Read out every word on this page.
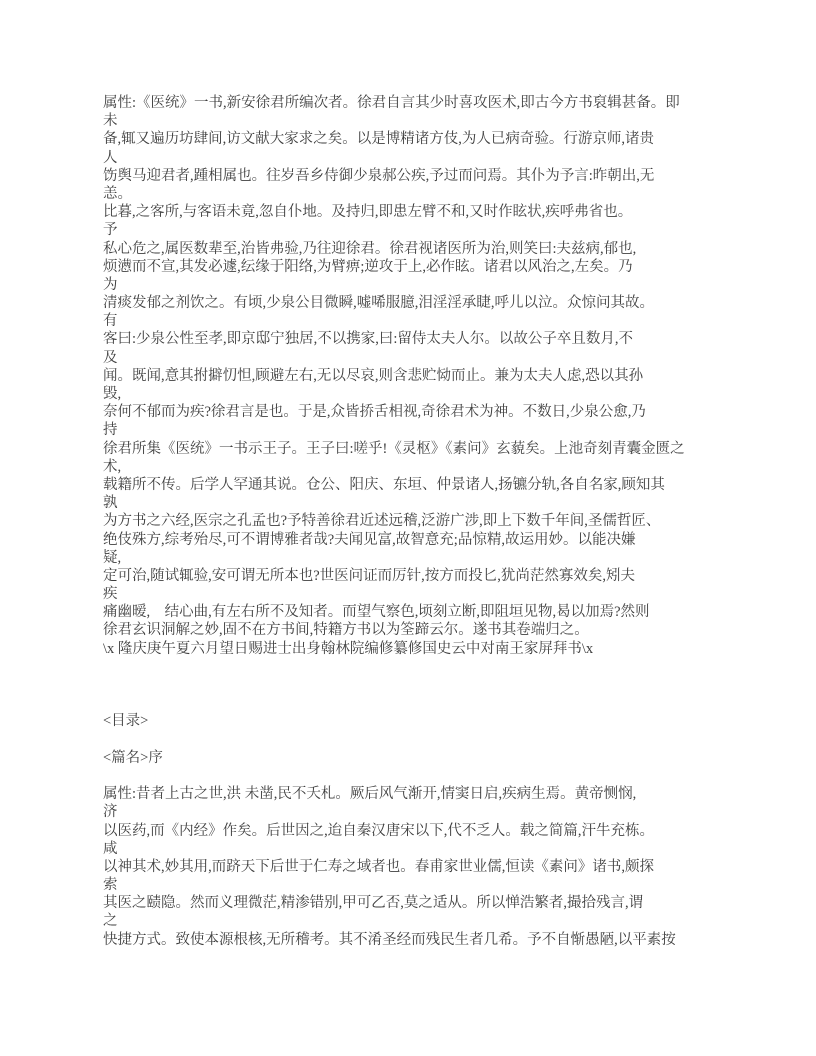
属性:《医统》一书,新安徐君所编次者。徐君自言其少时喜攻医术,即古今方书裒辑甚备。即
未
备,辄又遍历坊肆间,访文献大家求之矣。以是博精诸方伎,为人已病奇验。行游京师,诸贵
人
饬舆马迎君者,踵相属也。往岁吾乡侍御少泉郝公疾,予过而问焉。其仆为予言:昨朝出,无
恙。
比暮,之客所,与客语未竟,忽自仆地。及持归,即患左臂不和,又时作眩状,疾呼弗省也。
予
私心危之,属医数辈至,治皆弗验,乃往迎徐君。徐君视诸医所为治,则笑曰:夫兹病,郁也,
烦懑而不宣,其发必遽,纭缘于阳络,为臂痹;逆攻于上,必作眩。诸君以风治之,左矣。乃
为
清痰发郁之剂饮之。有顷,少泉公目微瞬,嘘唏服臆,泪淫淫承睫,呼儿以泣。众惊问其故。
有
客曰:少泉公性至孝,即京邸宁独居,不以携家,曰:留侍太夫人尔。以故公子卒且数月,不
及
闻。既闻,意其拊擗忉怛,顾避左右,无以尽哀,则含悲贮恸而止。兼为太夫人虑,恐以其孙
毁,
奈何不郁而为疾?徐君言是也。于是,众皆挢舌相视,奇徐君术为神。不数日,少泉公愈,乃
持
徐君所集《医统》一书示王子。王子曰:嗟乎!《灵枢》《素问》玄藐矣。上池奇刻青囊金匮之
术,
载籍所不传。后学人罕通其说。仓公、阳庆、东垣、仲景诸人,扬镳分轨,各自名家,顾知其
孰
为方书之六经,医宗之孔孟也?予特善徐君近述远稽,泛游广涉,即上下数千年间,圣儒哲匠、
绝伎殊方,综考殆尽,可不谓博雅者哉?夫闻见富,故智意充;品惊精,故运用妙。以能决嫌
疑,
定可治,随试辄验,安可谓无所本也?世医问证而厉针,按方而投匕,犹尚茫然寡效矣,矧夫
疾
痛幽暧,　结心曲,有左右所不及知者。而望气察色,顷刻立断,即阻垣见物,曷以加焉?然则
徐君玄识洞解之妙,固不在方书间,特籍方书以为筌蹄云尔。遂书其卷端归之。
\x 隆庆庚午夏六月望日赐进士出身翰林院编修纂修国史云中对南王家屏拜书\x
<目录>
<篇名>序
属性:昔者上古之世,洪 未凿,民不夭札。厥后风气渐开,情窦日启,疾病生焉。黄帝恻悯,
济
以医药,而《内经》作矣。后世因之,迨自秦汉唐宋以下,代不乏人。载之简篇,汗牛充栋。
咸
以神其术,妙其用,而跻天下后世于仁寿之域者也。春甫家世业儒,恒读《素问》诸书,颇探
索
其医之赜隐。然而义理微茫,精渗错别,甲可乙否,莫之适从。所以惮浩繁者,撮拾残言,谓
之
快捷方式。致使本源根核,无所稽考。其不淆圣经而残民生者几希。予不自惭愚陋,以平素按
